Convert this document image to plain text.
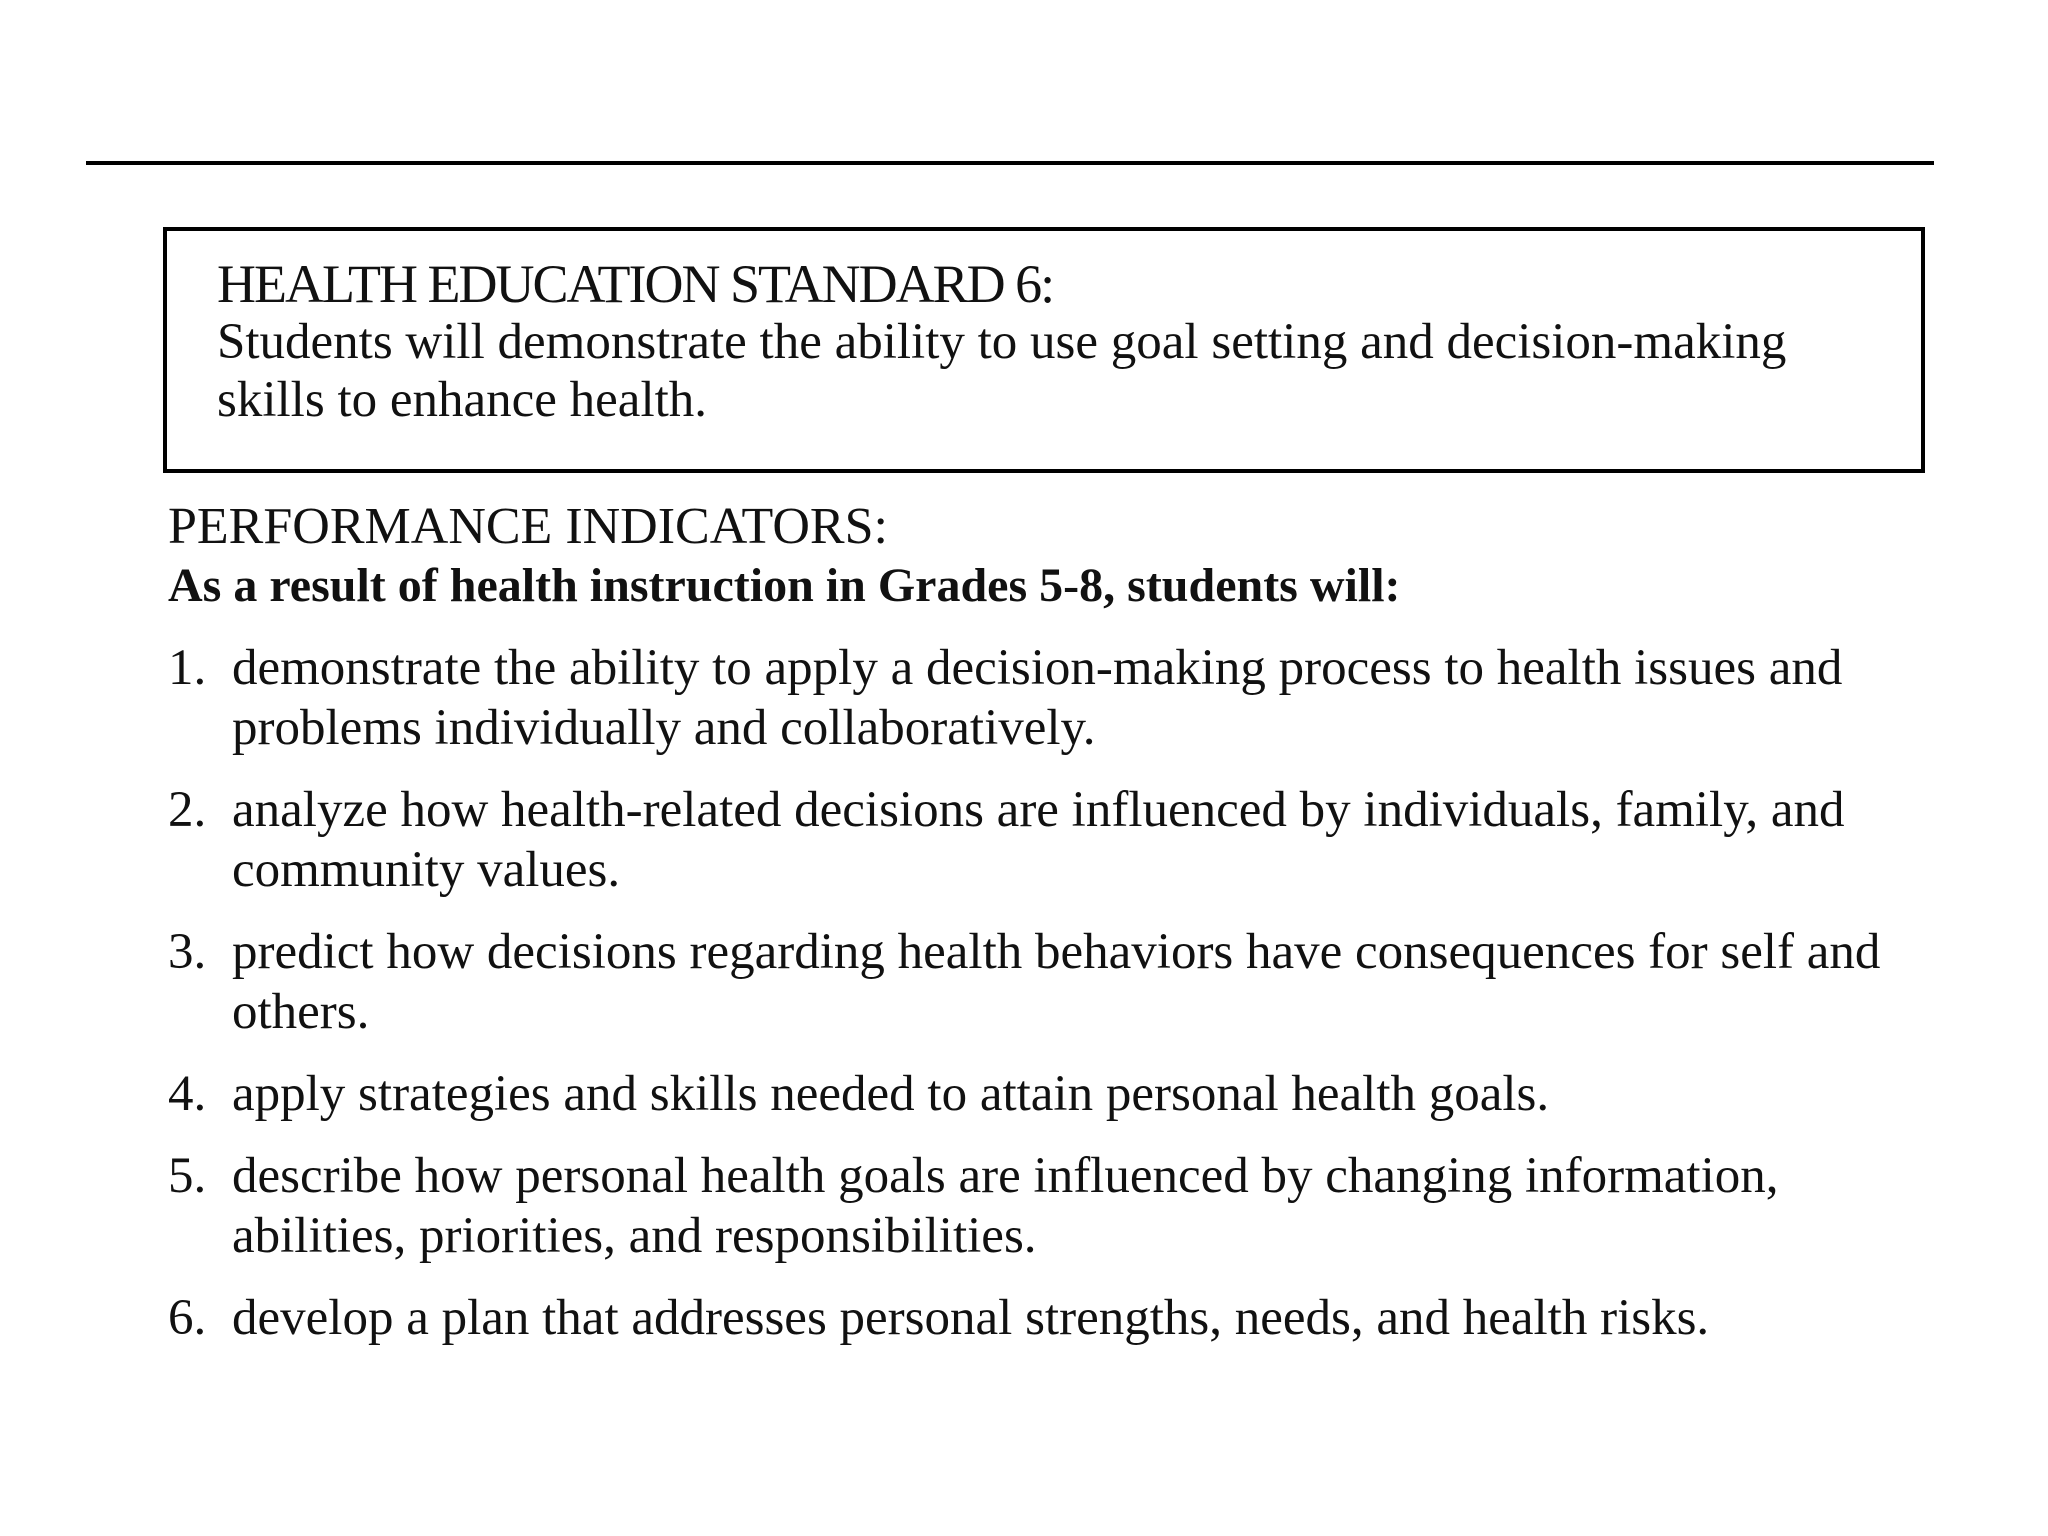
HEALTH EDUCATION STANDARD 6:

Students will demonstrate the ability to use goal setting and decision-making skills to enhance health.

PERFORMANCE INDICATORS:

As a result of health instruction in Grades 5-8, students will:

1. demonstrate the ability to apply a decision-making process to health issues and problems individually and collaboratively.
2. analyze how health-related decisions are influenced by individuals, family, and community values.
3. predict how decisions regarding health behaviors have consequences for self and others.
4. apply strategies and skills needed to attain personal health goals.
5. describe how personal health goals are influenced by changing information, abilities, priorities, and responsibilities.
6. develop a plan that addresses personal strengths, needs, and health risks.
